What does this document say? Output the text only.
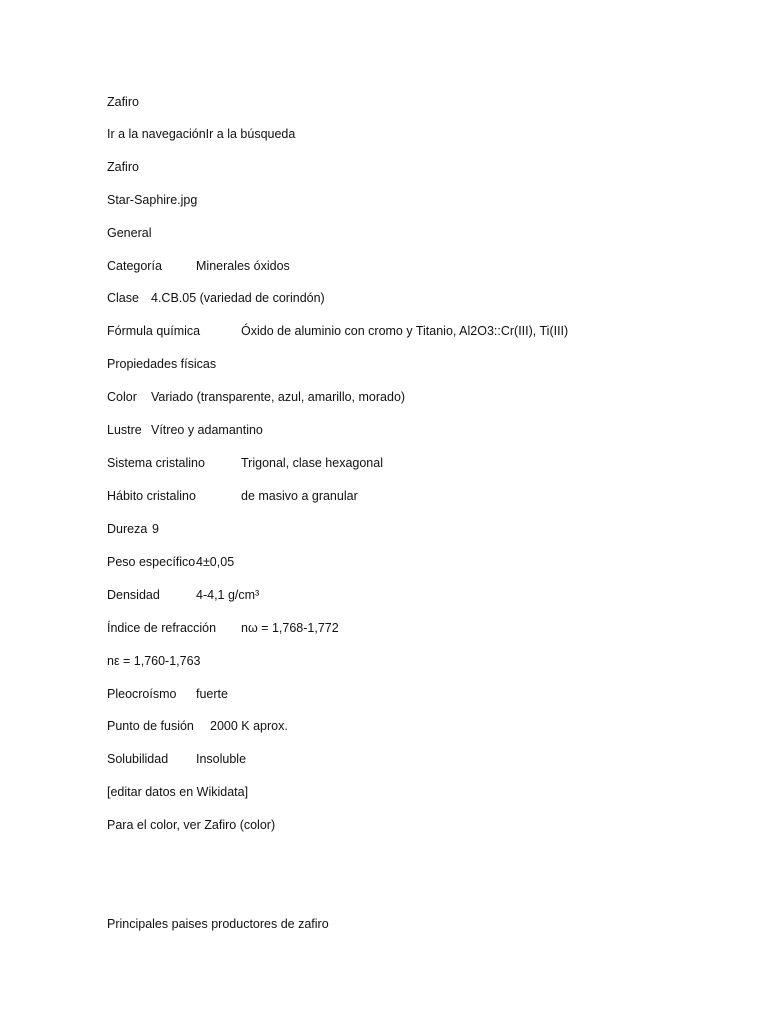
Zafiro
Ir a la navegaciónIr a la búsqueda
Zafiro
Star-Saphire.jpg
General
Categoría	Minerales óxidos
Clase 4.CB.05 (variedad de corindón)
Fórmula química	Óxido de aluminio con cromo y Titanio, Al2O3::Cr(III), Ti(III)
Propiedades físicas
Color Variado (transparente, azul, amarillo, morado)
Lustre Vítreo y adamantino
Sistema cristalino	Trigonal, clase hexagonal
Hábito cristalino	de masivo a granular
Dureza 9
Peso específico 4±0,05
Densidad	4-4,1 g/cm³
Índice de refracción nω = 1,768-1,772
nε = 1,760-1,763
Pleocroísmo fuerte
Punto de fusión 2000 K aprox.
Solubilidad Insoluble
[editar datos en Wikidata]
Para el color, ver Zafiro (color)
Principales paises productores de zafiro
